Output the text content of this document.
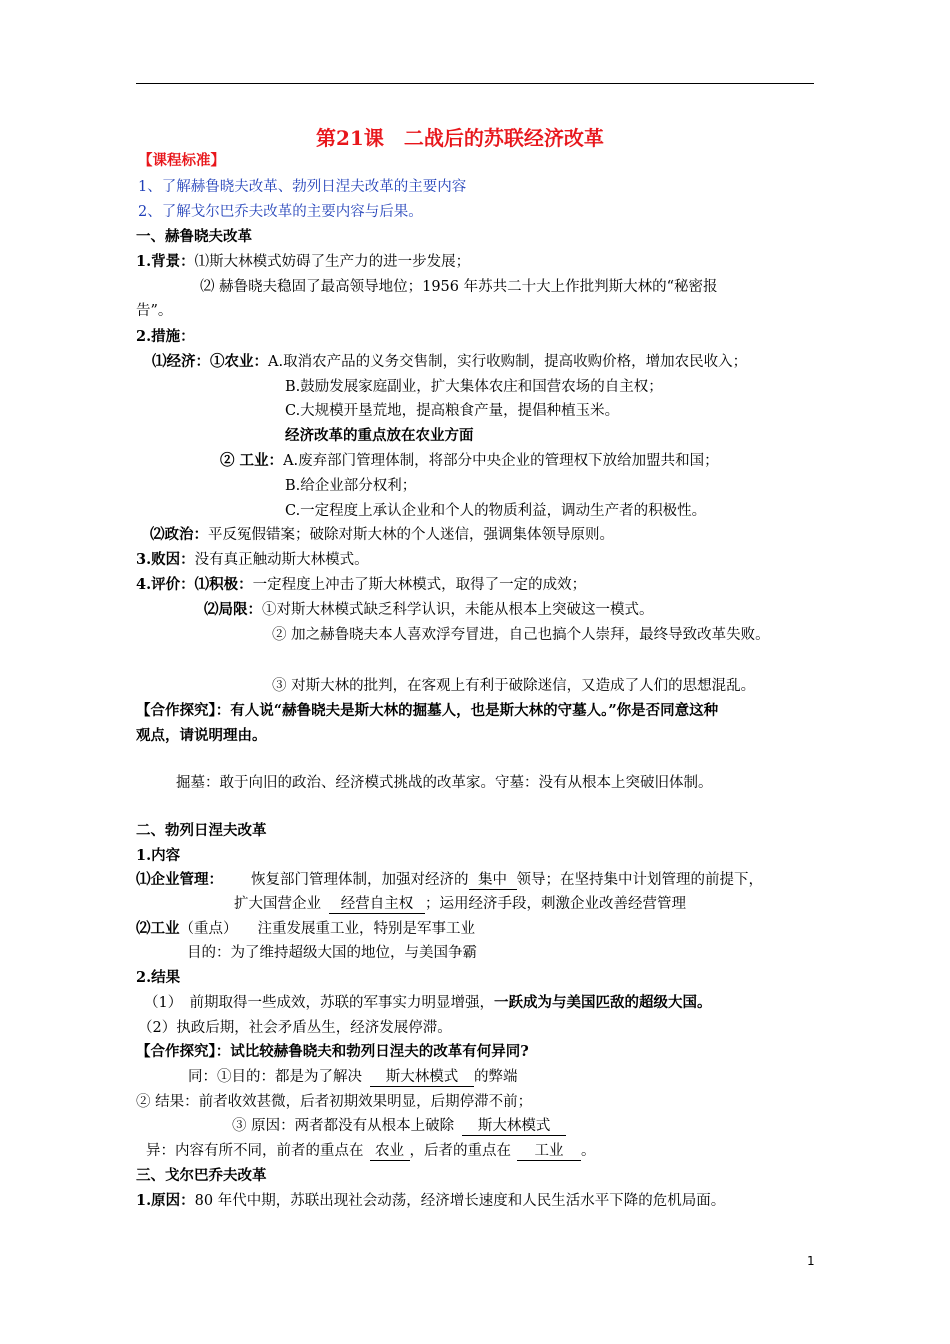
第21课　二战后的苏联经济改革
【课程标准】
1、了解赫鲁晓夫改革、勃列日涅夫改革的主要内容
2、了解戈尔巴乔夫改革的主要内容与后果。
一、赫鲁晓夫改革
1.背景：⑴斯大林模式妨碍了生产力的进一步发展；
⑵ 赫鲁晓夫稳固了最高领导地位；1956 年苏共二十大上作批判斯大林的“秘密报
告”。
2.措施：
⑴经济：①农业：A.取消农产品的义务交售制，实行收购制，提高收购价格，增加农民收入；
B.鼓励发展家庭副业，扩大集体农庄和国营农场的自主权；
C.大规模开垦荒地，提高粮食产量，提倡种植玉米。
经济改革的重点放在农业方面
② 工业：A.废弃部门管理体制，将部分中央企业的管理权下放给加盟共和国；
B.给企业部分权利；
C.一定程度上承认企业和个人的物质利益，调动生产者的积极性。
⑵政治：平反冤假错案；破除对斯大林的个人迷信，强调集体领导原则。
3.败因：没有真正触动斯大林模式。
4.评价：⑴积极：一定程度上冲击了斯大林模式，取得了一定的成效；
⑵局限：①对斯大林模式缺乏科学认识，未能从根本上突破这一模式。
② 加之赫鲁晓夫本人喜欢浮夸冒进，自己也搞个人崇拜，最终导致改革失败。
③ 对斯大林的批判，在客观上有利于破除迷信，又造成了人们的思想混乱。
【合作探究】：有人说“赫鲁晓夫是斯大林的掘墓人，也是斯大林的守墓人。”你是否同意这种
观点，请说明理由。
掘墓：敢于向旧的政治、经济模式挑战的改革家。守墓：没有从根本上突破旧体制。
二、勃列日涅夫改革
1.内容
⑴企业管理： 恢复部门管理体制，加强对经济的 集中 领导；在坚持集中计划管理的前提下，
扩大国营企业 经营自主权 ；运用经济手段，刺激企业改善经营管理
⑵工业（重点） 注重发展重工业，特别是军事工业
目的：为了维持超级大国的地位，与美国争霸
2.结果
（1）　前期取得一些成效，苏联的军事实力明显增强，一跃成为与美国匹敌的超级大国。
（2）执政后期，社会矛盾丛生，经济发展停滞。
【合作探究】：试比较赫鲁晓夫和勃列日涅夫的改革有何异同?
同：①目的：都是为了解决 斯大林模式 的弊端
② 结果：前者收效甚微，后者初期效果明显，后期停滞不前；
③ 原因：两者都没有从根本上破除 斯大林模式
异：内容有所不同，前者的重点在 农业 ，后者的重点在 工业 。
三、戈尔巴乔夫改革
1.原因：80 年代中期，苏联出现社会动荡，经济增长速度和人民生活水平下降的危机局面。
1
